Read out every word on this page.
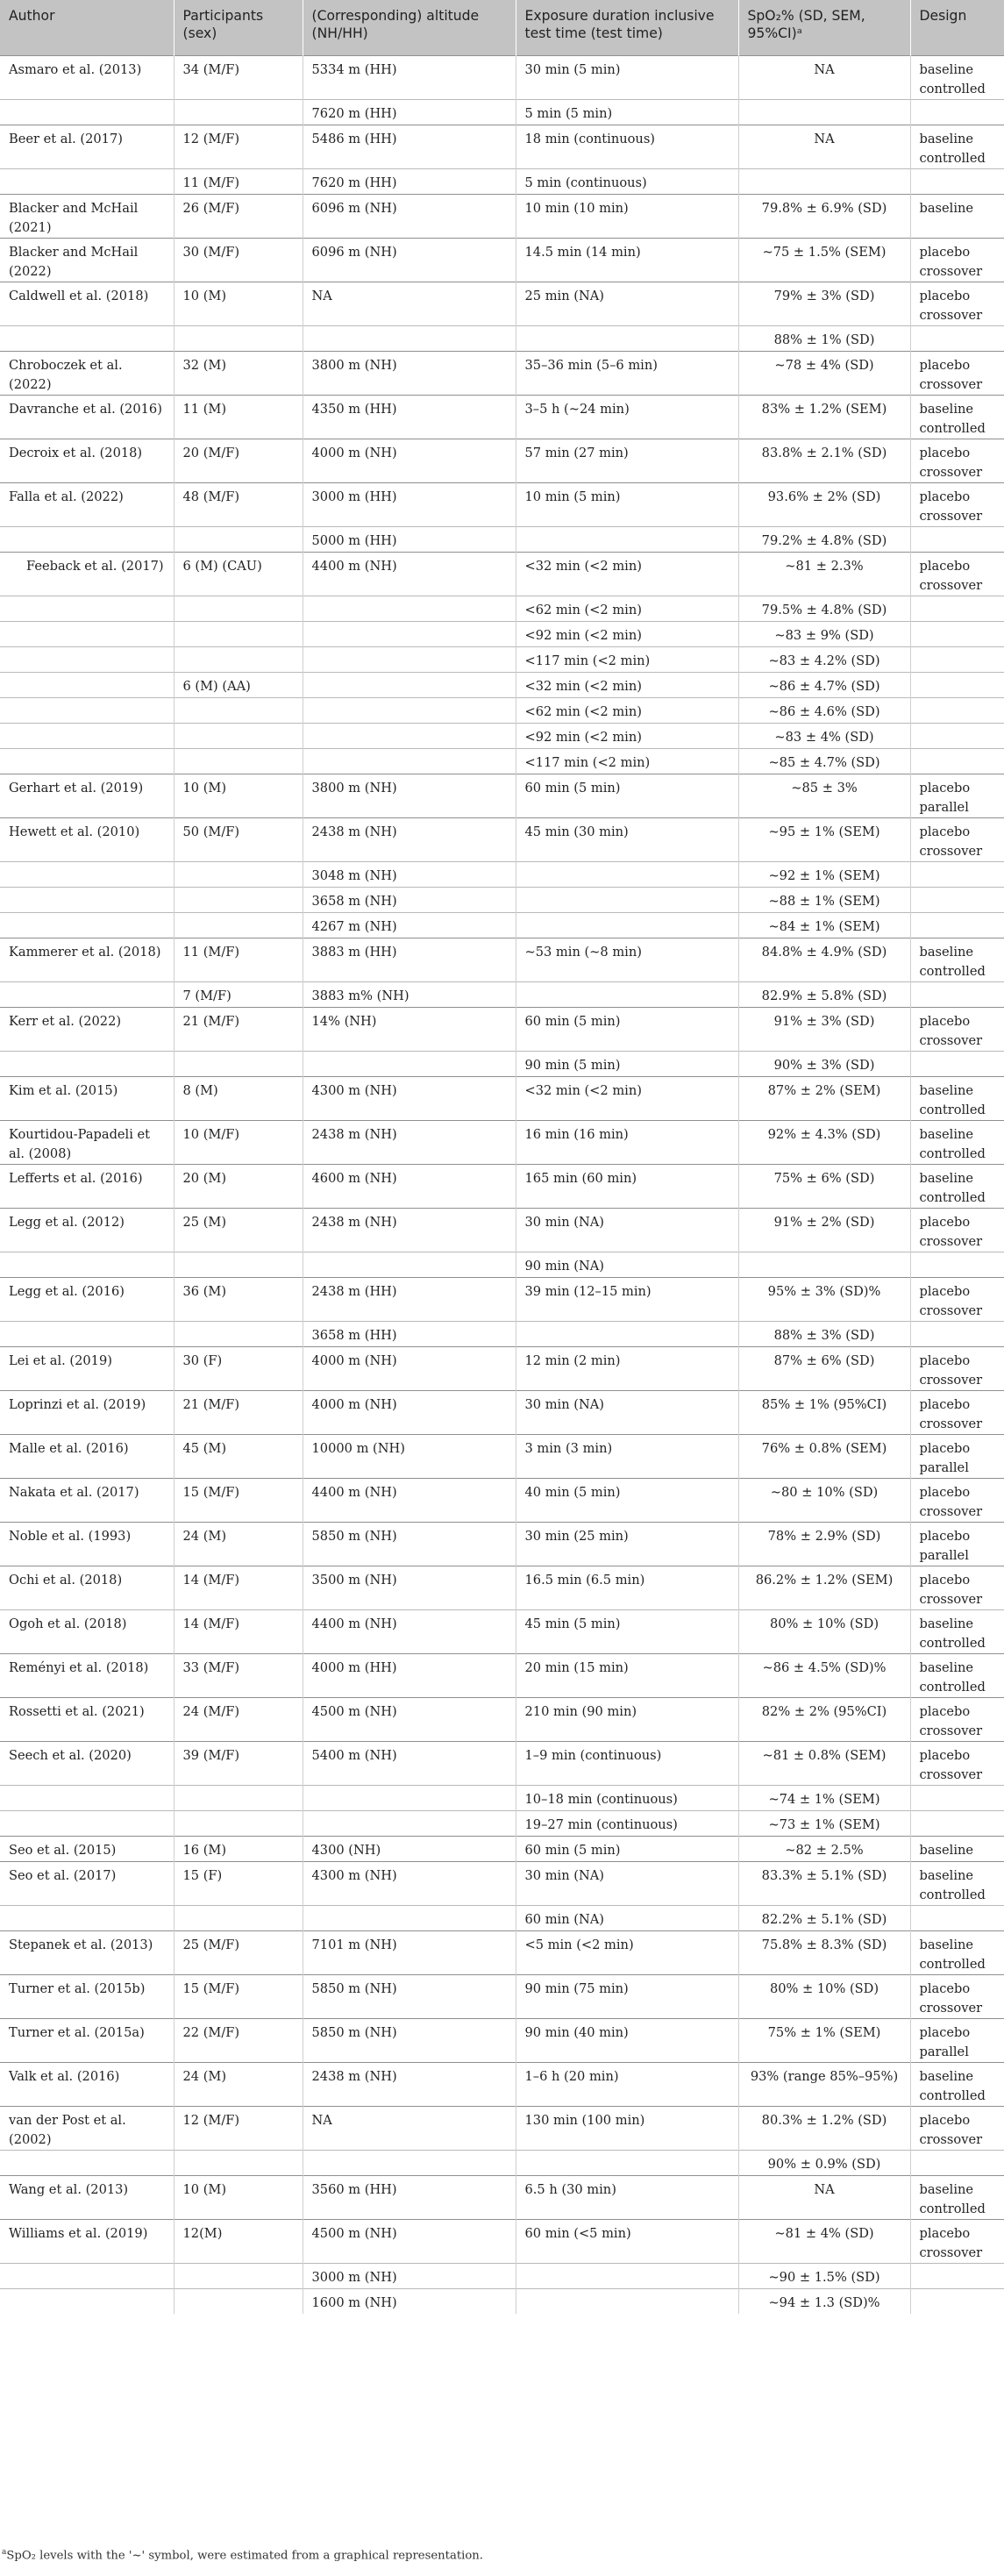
Author	Participants (sex)	(Corresponding) altitude (NH/HH)	Exposure duration inclusive test time (test time)	SpO₂% (SD, SEM, 95%CI)ᵃ	Design
Asmaro et al. (2013)	34 (M/F)	5334 m (HH)	30 min (5 min)	NA	baseline controlled
		7620 m (HH)	5 min (5 min)		
Beer et al. (2017)	12 (M/F)	5486 m (HH)	18 min (continuous)	NA	baseline controlled
	11 (M/F)	7620 m (HH)	5 min (continuous)		
Blacker and McHail (2021)	26 (M/F)	6096 m (NH)	10 min (10 min)	79.8% ± 6.9% (SD)	baseline
Blacker and McHail (2022)	30 (M/F)	6096 m (NH)	14.5 min (14 min)	~75 ± 1.5% (SEM)	placebo crossover
Caldwell et al. (2018)	10 (M)	NA	25 min (NA)	79% ± 3% (SD)	placebo crossover
				88% ± 1% (SD)	
Chroboczek et al. (2022)	32 (M)	3800 m (NH)	35–36 min (5–6 min)	~78 ± 4% (SD)	placebo crossover
Davranche et al. (2016)	11 (M)	4350 m (HH)	3–5 h (~24 min)	83% ± 1.2% (SEM)	baseline controlled
Decroix et al. (2018)	20 (M/F)	4000 m (NH)	57 min (27 min)	83.8% ± 2.1% (SD)	placebo crossover
Falla et al. (2022)	48 (M/F)	3000 m (HH)	10 min (5 min)	93.6% ± 2% (SD)	placebo crossover
		5000 m (HH)		79.2% ± 4.8% (SD)	
Feeback et al. (2017)	6 (M) (CAU)	4400 m (NH)	<32 min (<2 min)	~81 ± 2.3%	placebo crossover
			<62 min (<2 min)	79.5% ± 4.8% (SD)	
			<92 min (<2 min)	~83 ± 9% (SD)	
			<117 min (<2 min)	~83 ± 4.2% (SD)	
	6 (M) (AA)		<32 min (<2 min)	~86 ± 4.7% (SD)	
			<62 min (<2 min)	~86 ± 4.6% (SD)	
			<92 min (<2 min)	~83 ± 4% (SD)	
			<117 min (<2 min)	~85 ± 4.7% (SD)	
Gerhart et al. (2019)	10 (M)	3800 m (NH)	60 min (5 min)	~85 ± 3%	placebo parallel
Hewett et al. (2010)	50 (M/F)	2438 m (NH)	45 min (30 min)	~95 ± 1% (SEM)	placebo crossover
		3048 m (NH)		~92 ± 1% (SEM)	
		3658 m (NH)		~88 ± 1% (SEM)	
		4267 m (NH)		~84 ± 1% (SEM)	
Kammerer et al. (2018)	11 (M/F)	3883 m (HH)	~53 min (~8 min)	84.8% ± 4.9% (SD)	baseline controlled
	7 (M/F)	3883 m% (NH)		82.9% ± 5.8% (SD)	
Kerr et al. (2022)	21 (M/F)	14% (NH)	60 min (5 min)	91% ± 3% (SD)	placebo crossover
			90 min (5 min)	90% ± 3% (SD)	
Kim et al. (2015)	8 (M)	4300 m (NH)	<32 min (<2 min)	87% ± 2% (SEM)	baseline controlled
Kourtidou-Papadeli et al. (2008)	10 (M/F)	2438 m (NH)	16 min (16 min)	92% ± 4.3% (SD)	baseline controlled
Lefferts et al. (2016)	20 (M)	4600 m (NH)	165 min (60 min)	75% ± 6% (SD)	baseline controlled
Legg et al. (2012)	25 (M)	2438 m (NH)	30 min (NA)	91% ± 2% (SD)	placebo crossover
			90 min (NA)		
Legg et al. (2016)	36 (M)	2438 m (HH)	39 min (12–15 min)	95% ± 3% (SD)%	placebo crossover
		3658 m (HH)		88% ± 3% (SD)	
Lei et al. (2019)	30 (F)	4000 m (NH)	12 min (2 min)	87% ± 6% (SD)	placebo crossover
Loprinzi et al. (2019)	21 (M/F)	4000 m (NH)	30 min (NA)	85% ± 1% (95%CI)	placebo crossover
Malle et al. (2016)	45 (M)	10000 m (NH)	3 min (3 min)	76% ± 0.8% (SEM)	placebo parallel
Nakata et al. (2017)	15 (M/F)	4400 m (NH)	40 min (5 min)	~80 ± 10% (SD)	placebo crossover
Noble et al. (1993)	24 (M)	5850 m (NH)	30 min (25 min)	78% ± 2.9% (SD)	placebo parallel
Ochi et al. (2018)	14 (M/F)	3500 m (NH)	16.5 min (6.5 min)	86.2% ± 1.2% (SEM)	placebo crossover
Ogoh et al. (2018)	14 (M/F)	4400 m (NH)	45 min (5 min)	80% ± 10% (SD)	baseline controlled
Reményi et al. (2018)	33 (M/F)	4000 m (HH)	20 min (15 min)	~86 ± 4.5% (SD)%	baseline controlled
Rossetti et al. (2021)	24 (M/F)	4500 m (NH)	210 min (90 min)	82% ± 2% (95%CI)	placebo crossover
Seech et al. (2020)	39 (M/F)	5400 m (NH)	1–9 min (continuous)	~81 ± 0.8% (SEM)	placebo crossover
			10–18 min (continuous)	~74 ± 1% (SEM)	
			19–27 min (continuous)	~73 ± 1% (SEM)	
Seo et al. (2015)	16 (M)	4300 (NH)	60 min (5 min)	~82 ± 2.5%	baseline
Seo et al. (2017)	15 (F)	4300 m (NH)	30 min (NA)	83.3% ± 5.1% (SD)	baseline controlled
			60 min (NA)	82.2% ± 5.1% (SD)	
Stepanek et al. (2013)	25 (M/F)	7101 m (NH)	<5 min (<2 min)	75.8% ± 8.3% (SD)	baseline controlled
Turner et al. (2015b)	15 (M/F)	5850 m (NH)	90 min (75 min)	80% ± 10% (SD)	placebo crossover
Turner et al. (2015a)	22 (M/F)	5850 m (NH)	90 min (40 min)	75% ± 1% (SEM)	placebo parallel
Valk et al. (2016)	24 (M)	2438 m (NH)	1–6 h (20 min)	93% (range 85%–95%)	baseline controlled
van der Post et al. (2002)	12 (M/F)	NA	130 min (100 min)	80.3% ± 1.2% (SD)	placebo crossover
				90% ± 0.9% (SD)	
Wang et al. (2013)	10 (M)	3560 m (HH)	6.5 h (30 min)	NA	baseline controlled
Williams et al. (2019)	12(M)	4500 m (NH)	60 min (<5 min)	~81 ± 4% (SD)	placebo crossover
		3000 m (NH)		~90 ± 1.5% (SD)	
		1600 m (NH)		~94 ± 1.3 (SD)%	
$^a$SpO₂ levels with the '~' symbol, were estimated from a graphical representation.
